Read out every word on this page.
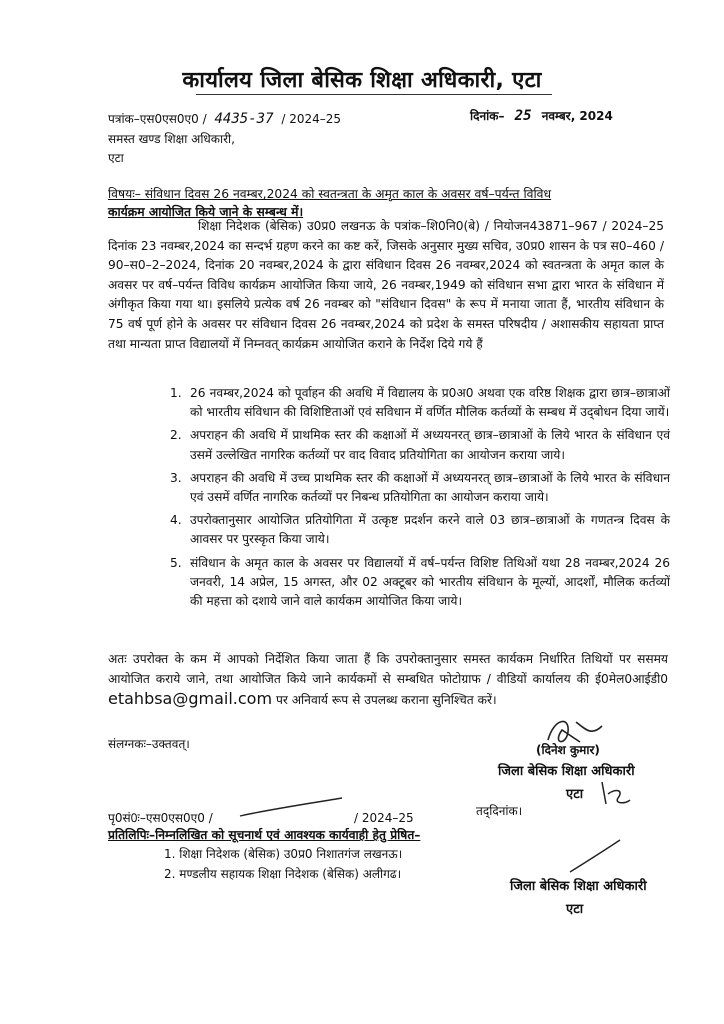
कार्यालय जिला बेसिक शिक्षा अधिकारी, एटा
पत्रांक–एस0एस0ए0 / 4435-37 / 2024–25	दिनांक– 25 नवम्बर, 2024
समस्त खण्ड शिक्षा अधिकारी,
एटा
विषयः– संविधान दिवस 26 नवम्बर,2024 को स्वतन्त्रता के अमृत काल के अवसर वर्ष–पर्यन्त विविध
कार्यक्रम आयोजित किये जाने के सम्बन्ध में।
शिक्षा निदेशक (बेसिक) उ0प्र0 लखनऊ के पत्रांक–शि0नि0(बे) / नियोजन43871–967 / 2024–25 दिनांक 23 नवम्बर,2024 का सन्दर्भ ग्रहण करने का कष्ट करें, जिसके अनुसार मुख्य सचिव, उ0प्र0 शासन के पत्र स0–460 / 90–स0–2–2024, दिनांक 20 नवम्बर,2024 के द्वारा संविधान दिवस 26 नवम्बर,2024 को स्वतन्त्रता के अमृत काल के अवसर पर वर्ष–पर्यन्त विविध कार्यक्रम आयोजित किया जाये, 26 नवम्बर,1949 को संविधान सभा द्वारा भारत के संविधान में अंगीकृत किया गया था। इसलिये प्रत्येक वर्ष 26 नवम्बर को "संविधान दिवस" के रूप में मनाया जाता हैं, भारतीय संविधान के 75 वर्ष पूर्ण होने के अवसर पर संविधान दिवस 26 नवम्बर,2024 को प्रदेश के समस्त परिषदीय / अशासकीय सहायता प्राप्त तथा मान्यता प्राप्त विद्यालयों में निम्नवत् कार्यक्रम आयोजित कराने के निर्देश दिये गये हैं
1. 26 नवम्बर,2024 को पूर्वाहन की अवधि में विद्यालय के प्र0अ0 अथवा एक वरिष्ठ शिक्षक द्वारा छात्र–छात्राओं को भारतीय संविधान की विशिष्टिताओं एवं सविधान में वर्णित मौलिक कर्तव्यों के सम्बध में उद्‌बोधन दिया जायें।
2. अपराहन की अवधि में प्राथमिक स्तर की कक्षाओं में अध्ययनरत् छात्र–छात्राओं के लिये भारत के संविधान एवं उसमें उल्लेखित नागरिक कर्तव्यों पर वाद विवाद प्रतियोगिता का आयोजन कराया जाये।
3. अपराहन की अवधि में उच्च प्राथमिक स्तर की कक्षाओं में अध्ययनरत् छात्र–छात्राओं के लिये भारत के संविधान एवं उसमें वर्णित नागरिक कर्तव्यों पर निबन्ध प्रतियोगिता का आयोजन कराया जाये।
4. उपरोक्तानुसार आयोजित प्रतियोगिता में उत्कृष्ट प्रदर्शन करने वाले 03 छात्र–छात्राओं के गणतन्त्र दिवस के आवसर पर पुरस्कृत किया जाये।
5. संविधान के अमृत काल के अवसर पर विद्यालयों में वर्ष–पर्यन्त विशिष्ट तिथिओं यथा 28 नवम्बर,2024 26 जनवरी, 14 अप्रेल, 15 अगस्त, और 02 अक्टूबर को भारतीय संविधान के मूल्यों, आदर्शों, मौलिक कर्तव्यों की महत्ता को दशाये जाने वाले कार्यकम आयोजित किया जाये।
अतः उपरोक्त के कम में आपको निर्देशित किया जाता हैं कि उपरोक्तानुसार समस्त कार्यकम निर्धारित तिथियों पर ससमय आयोजित कराये जाने, तथा आयोजित किये जाने कार्यकमों से सम्बधित फोटोग्राफ / वीडियों कार्यालय की ई0मेल0आईडी0 etahbsa@gmail.com पर अनिवार्य रूप से उपलब्ध कराना सुनिश्चित करें।
संलग्नकः–उक्तवत्।	(दिनेश कुमार)
जिला बेसिक शिक्षा अधिकारी
एटा
पृ0सं0ः–एस0एस0ए0 /	/ 2024–25	तद्‌दिनांक।
प्रतिलिपिः–निम्नलिखित को सूचनार्थ एवं आवश्यक कार्यवाही हेतु प्रेषित–
1. शिक्षा निदेशक (बेसिक) उ0प्र0 निशातगंज लखनऊ।
2. मण्डलीय सहायक शिक्षा निदेशक (बेसिक) अलीगढ।
जिला बेसिक शिक्षा अधिकारी
एटा
